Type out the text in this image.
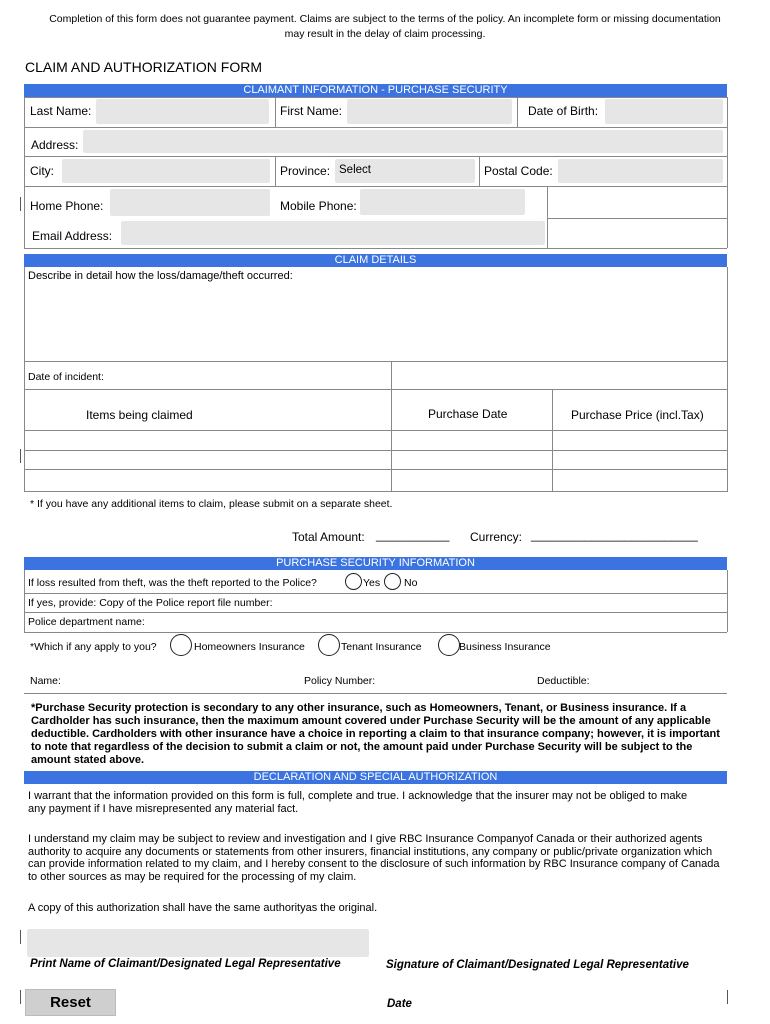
Completion of this form does not guarantee payment. Claims are subject to the terms of the policy. An incomplete form or missing documentation may result in the delay of claim processing.
CLAIM AND AUTHORIZATION FORM
CLAIMANT INFORMATION - PURCHASE SECURITY
Last Name:	First Name:	Date of Birth:
Address:
City:	Province: Select	Postal Code:
Home Phone:	Mobile Phone:
Email Address:
CLAIM DETAILS
Describe in detail how the loss/damage/theft occurred:
Date of incident:
Items being claimed	Purchase Date	Purchase Price (incl.Tax)
* If you have any additional items to claim, please submit on a separate sheet.
Total Amount: ___________ Currency: _________________________
PURCHASE SECURITY INFORMATION
If loss resulted from theft, was the theft reported to the Police?	Yes No
If yes, provide: Copy of the Police report file number:
Police department name:
*Which if any apply to you?	Homeowners Insurance	Tenant Insurance	Business Insurance
Name:	Policy Number:	Deductible:
*Purchase Security protection is secondary to any other insurance, such as Homeowners, Tenant, or Business insurance. If a Cardholder has such insurance, then the maximum amount covered under Purchase Security will be the amount of any applicable deductible. Cardholders with other insurance have a choice in reporting a claim to that insurance company; however, it is important to note that regardless of the decision to submit a claim or not, the amount paid under Purchase Security will be subject to the amount stated above.
DECLARATION AND SPECIAL AUTHORIZATION
I warrant that the information provided on this form is full, complete and true. I acknowledge that the insurer may not be obliged to make any payment if I have misrepresented any material fact.
I understand my claim may be subject to review and investigation and I give RBC Insurance Companyof Canada or their authorized agents authority to acquire any documents or statements from other insurers, financial institutions, any company or public/private organization which can provide information related to my claim, and I hereby consent to the disclosure of such information by RBC Insurance company of Canada to other sources as may be required for the processing of my claim.
A copy of this authorization shall have the same authorityas the original.
Print Name of Claimant/Designated Legal Representative	Signature of Claimant/Designated Legal Representative
Reset	Date
